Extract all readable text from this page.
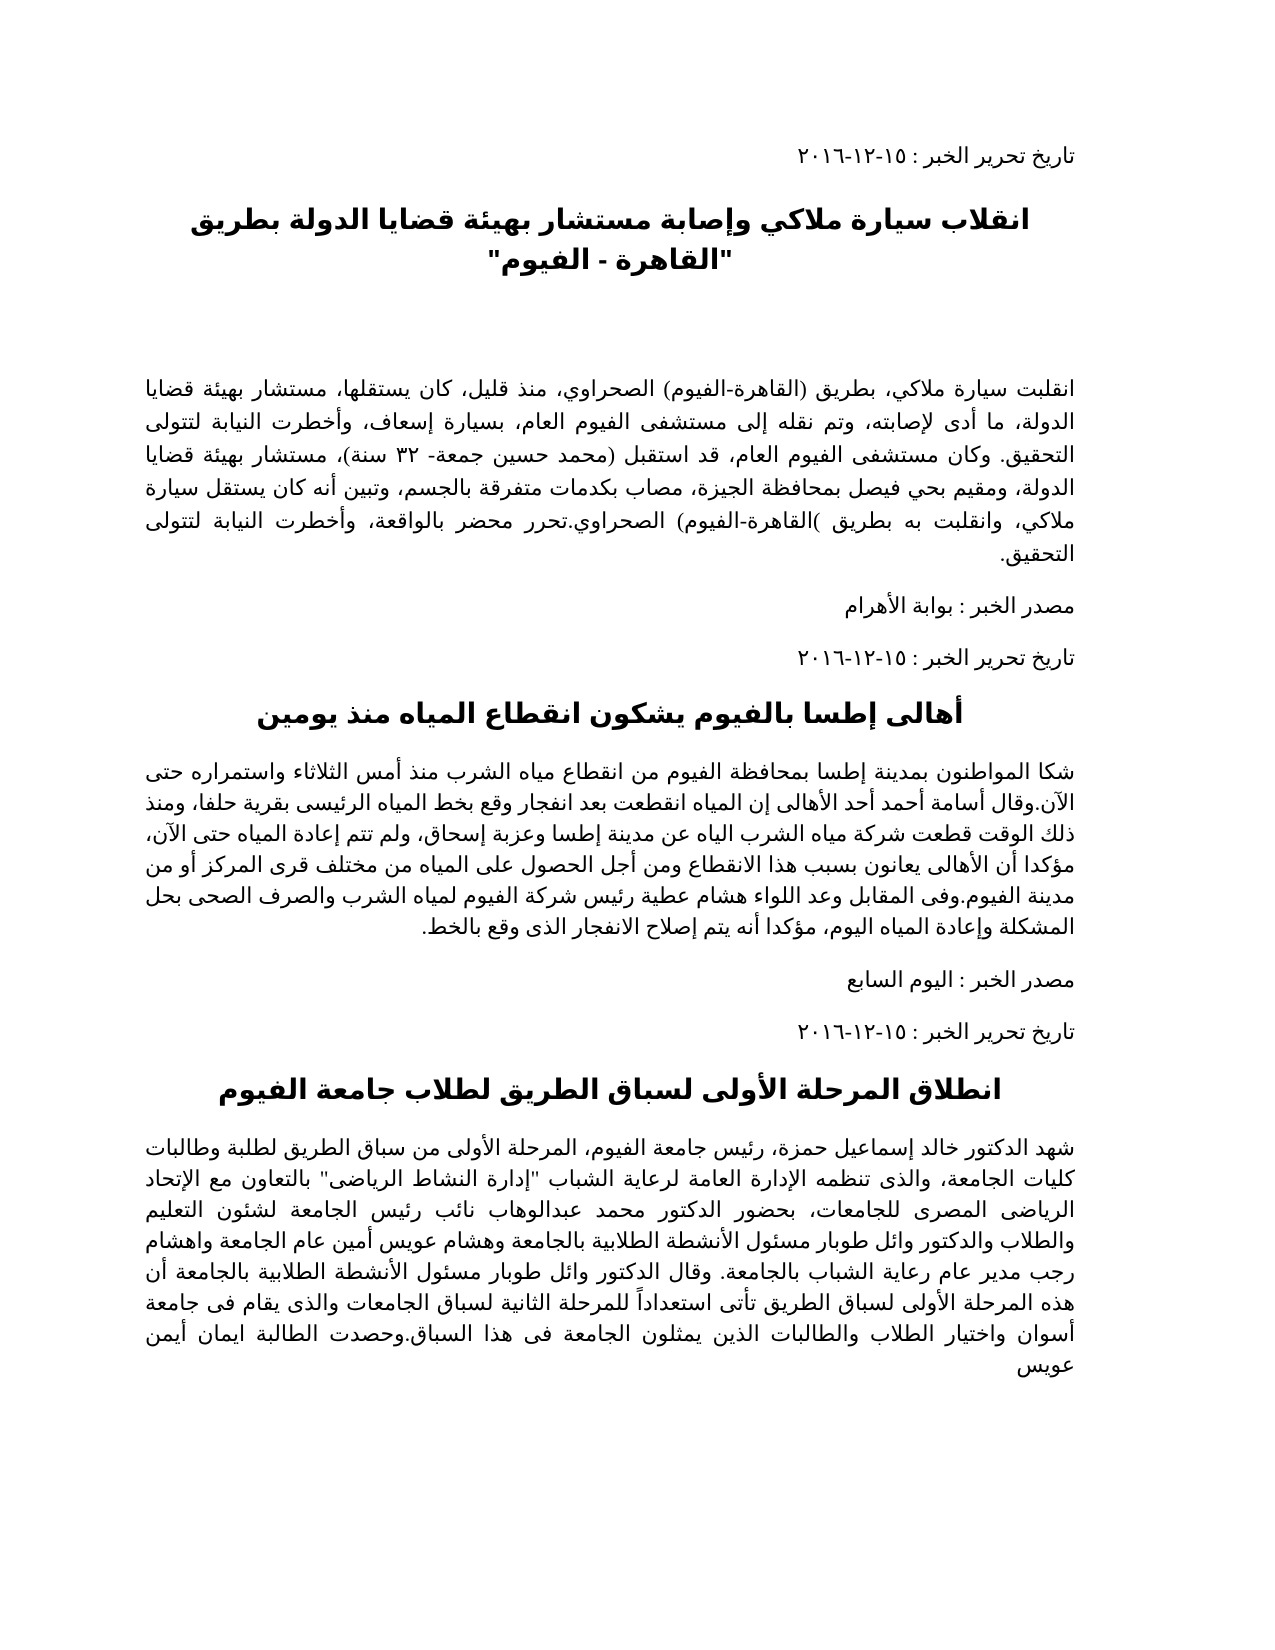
تاريخ تحرير الخبر : ١٥-١٢-٢٠١٦

انقلاب سيارة ملاكي وإصابة مستشار بهيئة قضايا الدولة بطريق "القاهرة - الفيوم"

انقلبت سيارة ملاكي، بطريق (القاهرة-الفيوم) الصحراوي، منذ قليل، كان يستقلها، مستشار بهيئة قضايا الدولة، ما أدى لإصابته، وتم نقله إلى مستشفى الفيوم العام، بسيارة إسعاف، وأخطرت النيابة لتتولى التحقيق. وكان مستشفى الفيوم العام، قد استقبل (محمد حسين جمعة- ٣٢ سنة)، مستشار بهيئة قضايا الدولة، ومقيم بحي فيصل بمحافظة الجيزة، مصاب بكدمات متفرقة بالجسم، وتبين أنه كان يستقل سيارة ملاكي، وانقلبت به بطريق )القاهرة-الفيوم) الصحراوي.تحرر محضر بالواقعة، وأخطرت النيابة لتتولى التحقيق.

مصدر الخبر : بوابة الأهرام

تاريخ تحرير الخبر : ١٥-١٢-٢٠١٦

أهالى إطسا بالفيوم يشكون انقطاع المياه منذ يومين

شكا المواطنون بمدينة إطسا بمحافظة الفيوم من انقطاع مياه الشرب منذ أمس الثلاثاء واستمراره حتى الآن.وقال أسامة أحمد أحد الأهالى إن المياه انقطعت بعد انفجار وقع بخط المياه الرئيسى بقرية حلفا، ومنذ ذلك الوقت قطعت شركة مياه الشرب الياه عن مدينة إطسا وعزبة إسحاق، ولم تتم إعادة المياه حتى الآن، مؤكدا أن الأهالى يعانون بسبب هذا الانقطاع ومن أجل الحصول على المياه من مختلف قرى المركز أو من مدينة الفيوم.وفى المقابل وعد اللواء هشام عطية رئيس شركة الفيوم لمياه الشرب والصرف الصحى بحل المشكلة وإعادة المياه اليوم، مؤكدا أنه يتم إصلاح الانفجار الذى وقع بالخط.

مصدر الخبر : اليوم السابع

تاريخ تحرير الخبر : ١٥-١٢-٢٠١٦

انطلاق المرحلة الأولى لسباق الطريق لطلاب جامعة الفيوم

شهد الدكتور خالد إسماعيل حمزة، رئيس جامعة الفيوم، المرحلة الأولى من سباق الطريق لطلبة وطالبات كليات الجامعة، والذى تنظمه الإدارة العامة لرعاية الشباب "إدارة النشاط الرياضى" بالتعاون مع الإتحاد الرياضى المصرى للجامعات، بحضور الدكتور محمد عبدالوهاب نائب رئيس الجامعة لشئون التعليم والطلاب والدكتور وائل طوبار مسئول الأنشطة الطلابية بالجامعة وهشام عويس أمين عام الجامعة واهشام رجب مدير عام رعاية الشباب بالجامعة. وقال الدكتور وائل طوبار مسئول الأنشطة الطلابية بالجامعة أن هذه المرحلة الأولى لسباق الطريق تأتى استعداداً للمرحلة الثانية لسباق الجامعات والذى يقام فى جامعة أسوان واختيار الطلاب والطالبات الذين يمثلون الجامعة فى هذا السباق.وحصدت الطالبة ايمان أيمن عويس
